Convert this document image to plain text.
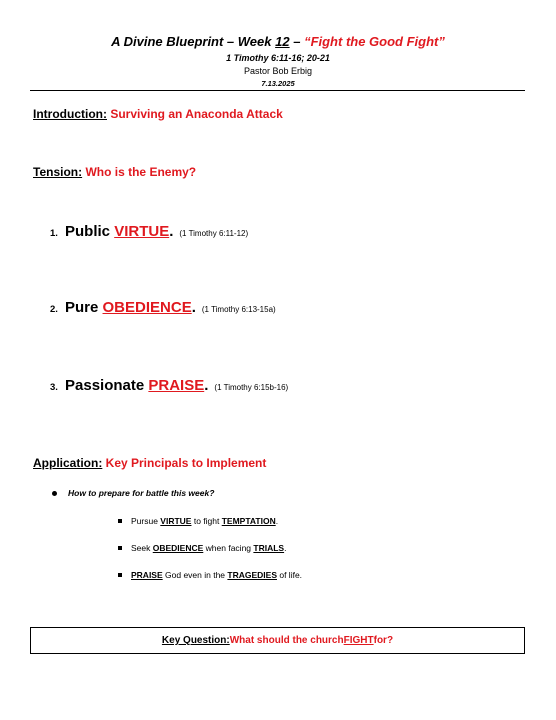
A Divine Blueprint – Week 12 – “Fight the Good Fight”
1 Timothy 6:11-16; 20-21
Pastor Bob Erbig
7.13.2025
Introduction: Surviving an Anaconda Attack
Tension: Who is the Enemy?
1. Public VIRTUE. (1 Timothy 6:11-12)
2. Pure OBEDIENCE. (1 Timothy 6:13-15a)
3. Passionate PRAISE. (1 Timothy 6:15b-16)
Application: Key Principals to Implement
How to prepare for battle this week?
Pursue VIRTUE to fight TEMPTATION.
Seek OBEDIENCE when facing TRIALS.
PRAISE God even in the TRAGEDIES of life.
Key Question: What should the church FIGHT for?
